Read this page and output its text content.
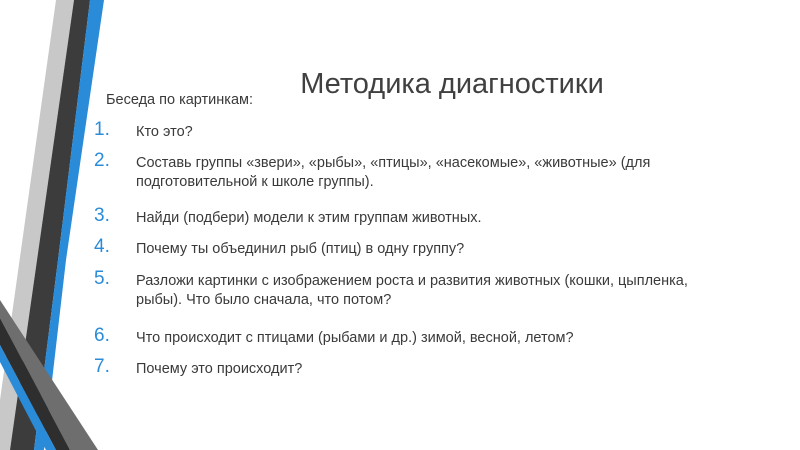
Методика диагностики
Беседа по картинкам:
1. Кто это?
2. Составь группы «звери», «рыбы», «птицы», «насекомые», «животные» (для подготовительной к школе группы).
3. Найди (подбери) модели к этим группам животных.
4. Почему ты объединил рыб (птиц) в одну группу?
5. Разложи картинки с изображением роста и развития животных (кошки, цыпленка, рыбы). Что было сначала, что потом?
6. Что происходит с птицами (рыбами и др.) зимой, весной, летом?
7. Почему это происходит?
